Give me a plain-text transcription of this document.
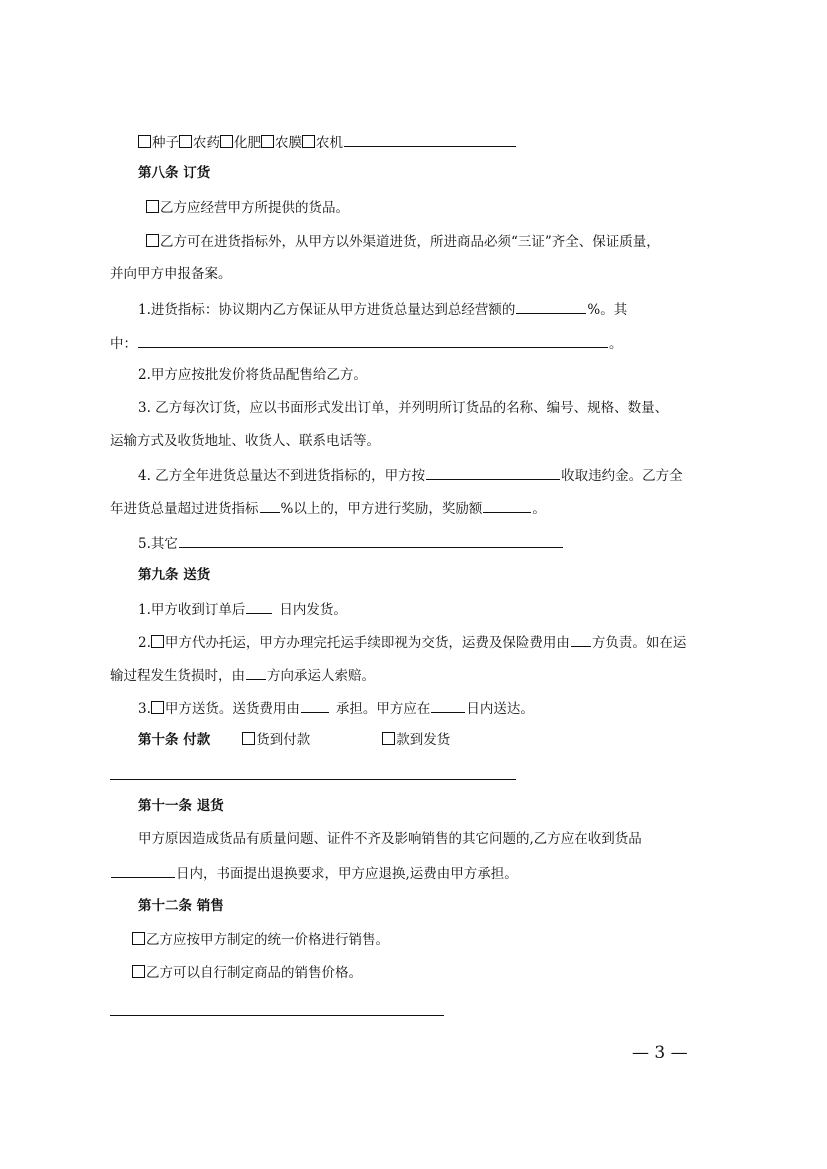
种子 农药 化肥 农膜 农机
第八条 订货
乙方应经营甲方所提供的货品。
乙方可在进货指标外，从甲方以外渠道进货，所进商品必须“三证”齐全、保证质量，
并向甲方申报备案。
1.进货指标：协议期内乙方保证从甲方进货总量达到总经营额的	%。其
中：	。
2.甲方应按批发价将货品配售给乙方。
3. 乙方每次订货，应以书面形式发出订单，并列明所订货品的名称、编号、规格、数量、
运输方式及收货地址、收货人、联系电话等。
4. 乙方全年进货总量达不到进货指标的，甲方按	收取违约金。乙方全
年进货总量超过进货指标 %以上的，甲方进行奖励，奖励额	。
5.其它
第九条 送货
1.甲方收到订单后	日内发货。
2. 甲方代办托运，甲方办理完托运手续即视为交货，运费及保险费用由 方负责。如在运
输过程发生货损时，由 方向承运人索赔。
3. 甲方送货。送货费用由	承担。甲方应在	日内送达。
第十条 付款	货到付款	款到发货
第十一条 退货
甲方原因造成货品有质量问题、证件不齐及影响销售的其它问题的,乙方应在收到货品
日内，书面提出退换要求，甲方应退换,运费由甲方承担。
第十二条 销售
乙方应按甲方制定的统一价格进行销售。
乙方可以自行制定商品的销售价格。
— 3 —
